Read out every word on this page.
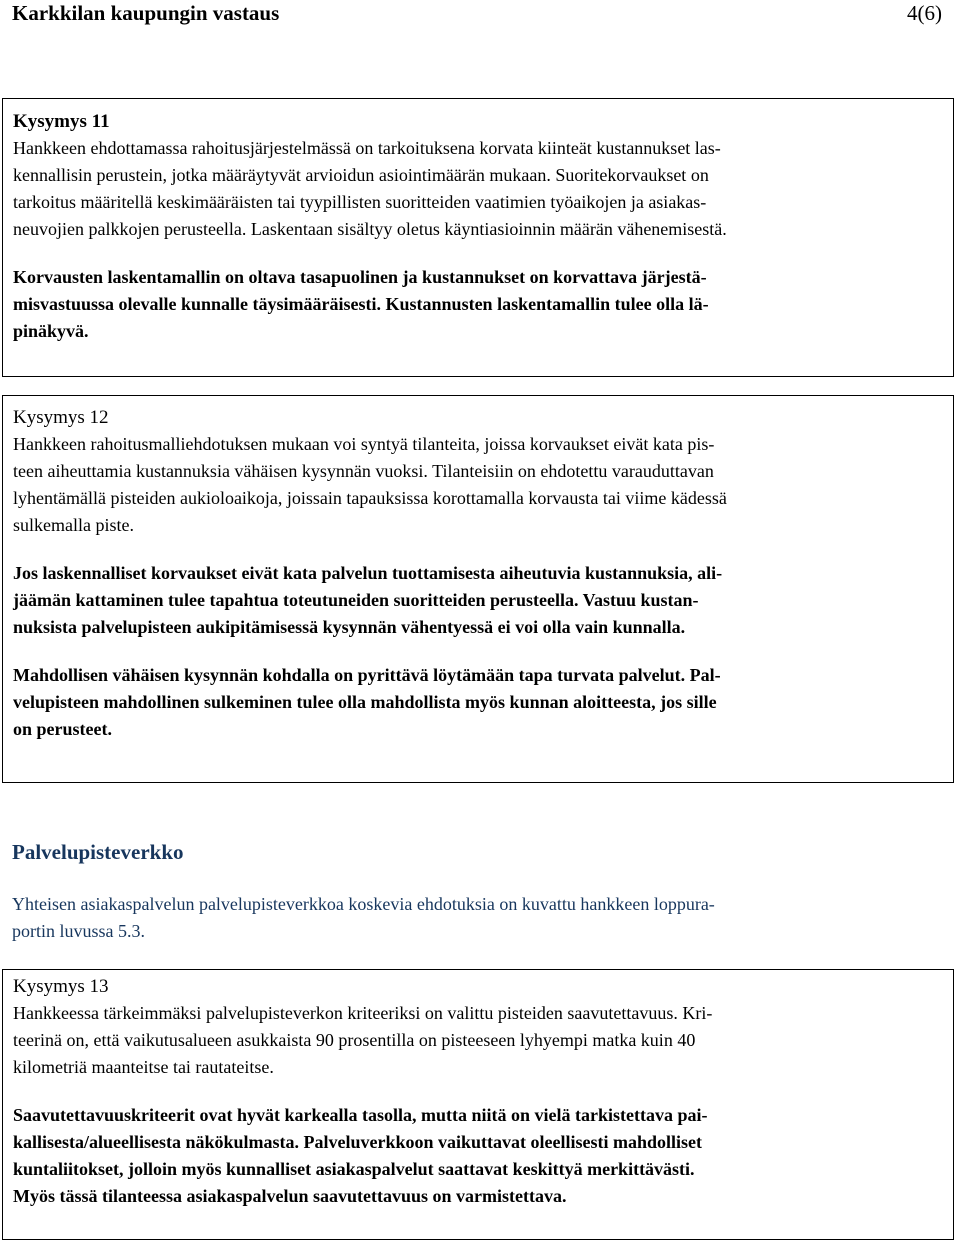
Karkkilan kaupungin vastaus	4(6)

Kysymys 11

Hankkeen ehdottamassa rahoitusjärjestelmässä on tarkoituksena korvata kiinteät kustannukset las-
kennallisin perustein, jotka määräytyvät arvioidun asiointimäärän mukaan. Suoritekorvaukset on
tarkoitus määritellä keskimääräisten tai tyypillisten suoritteiden vaatimien työaikojen ja asiakas-
neuvojien palkkojen perusteella. Laskentaan sisältyy oletus käyntiasioinnin määrän vähenemisestä.

Korvausten laskentamallin on oltava tasapuolinen ja kustannukset on korvattava järjestä-
misvastuussa olevalle kunnalle täysimääräisesti. Kustannusten laskentamallin tulee olla lä-
pinäkyvä.

Kysymys 12

Hankkeen rahoitusmalliehdotuksen mukaan voi syntyä tilanteita, joissa korvaukset eivät kata pis-
teen aiheuttamia kustannuksia vähäisen kysynnän vuoksi. Tilanteisiin on ehdotettu varauduttavan
lyhentämällä pisteiden aukioloaikoja, joissain tapauksissa korottamalla korvausta tai viime kädessä
sulkemalla piste.

Jos laskennalliset korvaukset eivät kata palvelun tuottamisesta aiheutuvia kustannuksia, ali-
jäämän kattaminen tulee tapahtua toteutuneiden suoritteiden perusteella. Vastuu kustan-
nuksista palvelupisteen aukipitämisessä kysynnän vähentyessä ei voi olla vain kunnalla.

Mahdollisen vähäisen kysynnän kohdalla on pyrittävä löytämään tapa turvata palvelut. Pal-
velupisteen mahdollinen sulkeminen tulee olla mahdollista myös kunnan aloitteesta, jos sille
on perusteet.

Palvelupisteverkko
Yhteisen asiakaspalvelun palvelupisteverkkoa koskevia ehdotuksia on kuvattu hankkeen loppura-
portin luvussa 5.3.

Kysymys 13

Hankkeessa tärkeimmäksi palvelupisteverkon kriteeriksi on valittu pisteiden saavutettavuus. Kri-
teerinä on, että vaikutusalueen asukkaista 90 prosentilla on pisteeseen lyhyempi matka kuin 40
kilometriä maanteitse tai rautateitse.

Saavutettavuuskriteerit ovat hyvät karkealla tasolla, mutta niitä on vielä tarkistettava pai-
kallisesta/alueellisesta näkökulmasta. Palveluverkkoon vaikuttavat oleellisesti mahdolliset
kuntaliitokset, jolloin myös kunnalliset asiakaspalvelut saattavat keskittyä merkittävästi.
Myös tässä tilanteessa asiakaspalvelun saavutettavuus on varmistettava.
